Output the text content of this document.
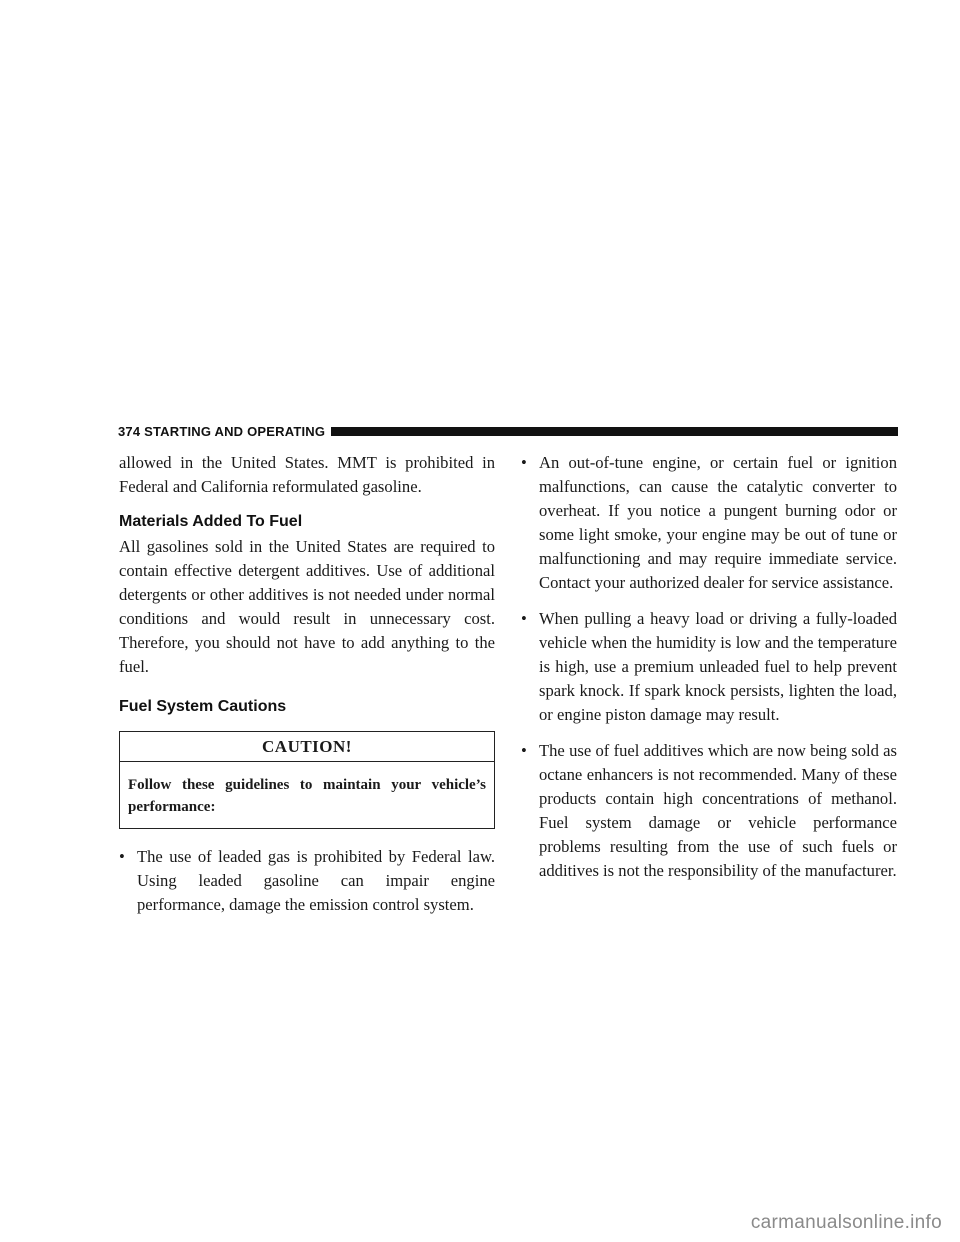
374 STARTING AND OPERATING

allowed in the United States. MMT is prohibited in Federal and California reformulated gasoline.

Materials Added To Fuel

All gasolines sold in the United States are required to contain effective detergent additives. Use of additional detergents or other additives is not needed under normal conditions and would result in unnecessary cost. Therefore, you should not have to add anything to the fuel.

Fuel System Cautions
CAUTION!
Follow these guidelines to maintain your vehicle’s performance:
• The use of leaded gas is prohibited by Federal law. Using leaded gasoline can impair engine performance, damage the emission control system.
• An out-of-tune engine, or certain fuel or ignition malfunctions, can cause the catalytic converter to overheat. If you notice a pungent burning odor or some light smoke, your engine may be out of tune or malfunctioning and may require immediate service. Contact your authorized dealer for service assistance.
• When pulling a heavy load or driving a fully-loaded vehicle when the humidity is low and the temperature is high, use a premium unleaded fuel to help prevent spark knock. If spark knock persists, lighten the load, or engine piston damage may result.
• The use of fuel additives which are now being sold as octane enhancers is not recommended. Many of these products contain high concentrations of methanol. Fuel system damage or vehicle performance problems resulting from the use of such fuels or additives is not the responsibility of the manufacturer.
carmanualsonline.info
